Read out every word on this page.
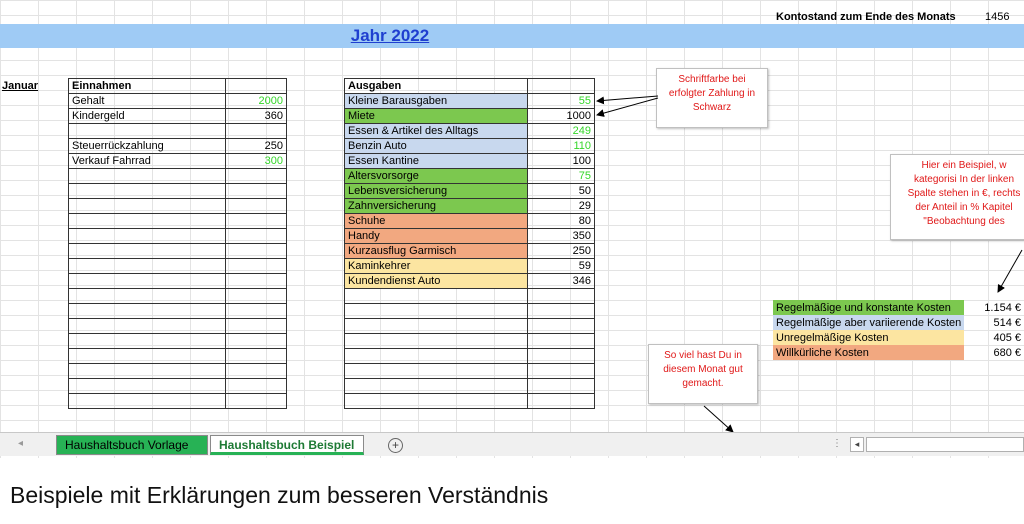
Kontostand zum Ende des Monats	1456
Jahr 2022
Januar	Einnahmen	
Gehalt	2000
Kindergeld	360

Steuerrückzahlung	250
Verkauf Fahrrad	300

Ausgaben	
Kleine Barausgaben	55
Miete	1000
Essen & Artikel des Alltags	249
Benzin Auto	110
Essen Kantine	100
Altersvorsorge	75
Lebensversicherung	50
Zahnversicherung	29
Schuhe	80
Handy	350
Kurzausflug Garmisch	250
Kaminkehrer	59
Kundendienst Auto	346

Schriftfarbe bei erfolgter Zahlung in Schwarz
Hier ein Beispiel, w kategorisi In der linken Spalte stehen in €, rechts der Anteil in % Kapitel "Beobachtung des
So viel hast Du in diesem Monat gut gemacht.
Regelmäßige und konstante Kosten	1.154 €
Regelmäßige aber variierende Kosten	514 €
Unregelmäßige Kosten	405 €
Willkürliche Kosten	680 €
◂	Haushaltsbuch Vorlage	Haushaltsbuch Beispiel	+	⋮	◂
Beispiele mit Erklärungen zum besseren Verständnis
